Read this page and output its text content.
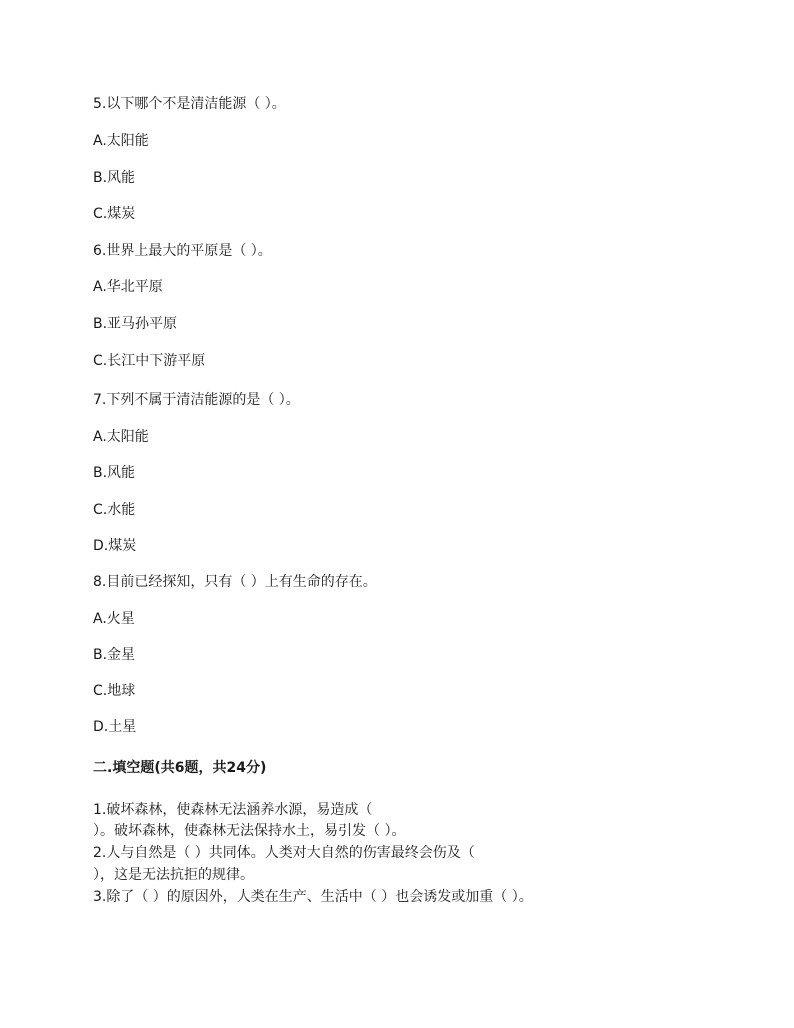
5.以下哪个不是清洁能源（ ）。
A.太阳能
B.风能
C.煤炭
6.世界上最大的平原是（ ）。
A.华北平原
B.亚马孙平原
C.长江中下游平原
7.下列不属于清洁能源的是（ ）。
A.太阳能
B.风能
C.水能
D.煤炭
8.目前已经探知，只有（ ）上有生命的存在。
A.火星
B.金星
C.地球
D.土星
二.填空题(共6题，共24分)
1.破坏森林，使森林无法涵养水源，易造成（
）。破坏森林，使森林无法保持水土，易引发（ ）。
2.人与自然是（ ）共同体。人类对大自然的伤害最终会伤及（
），这是无法抗拒的规律。
3.除了（ ）的原因外，人类在生产、生活中（ ）也会诱发或加重（ ）。
